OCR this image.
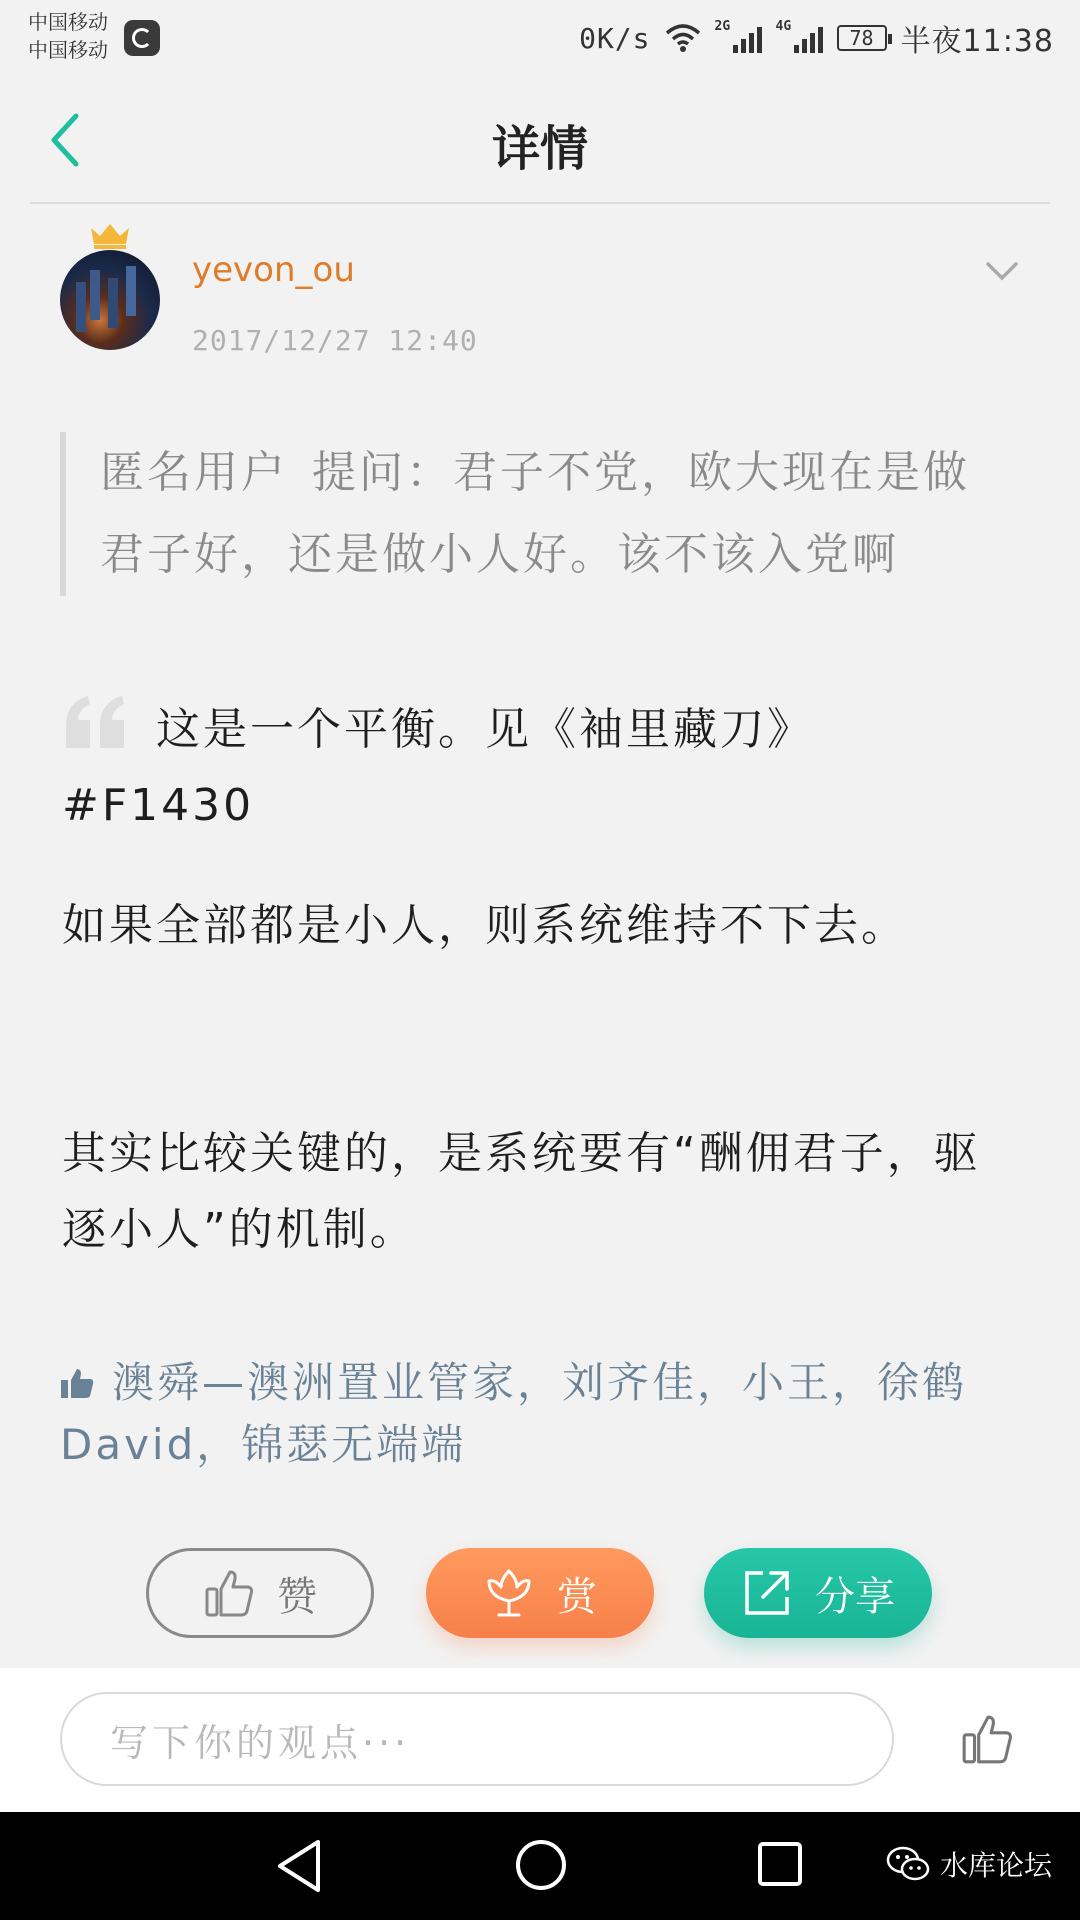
中国移动
中国移动	0K/s	2G	4G	78 半夜11:38
详情
yevon_ou
2017/12/27 12:40
匿名用户 提问：君子不党，欧大现在是做君子好，还是做小人好。该不该入党啊

这是一个平衡。见《袖里藏刀》

#F1430

如果全部都是小人，则系统维持不下去。

其实比较关键的，是系统要有“酬佣君子，驱逐小人”的机制。

澳舜—澳洲置业管家，刘齐佳，小王，徐鹤David，锦瑟无端端
赞	赏	分享
写下你的观点···
水库论坛
